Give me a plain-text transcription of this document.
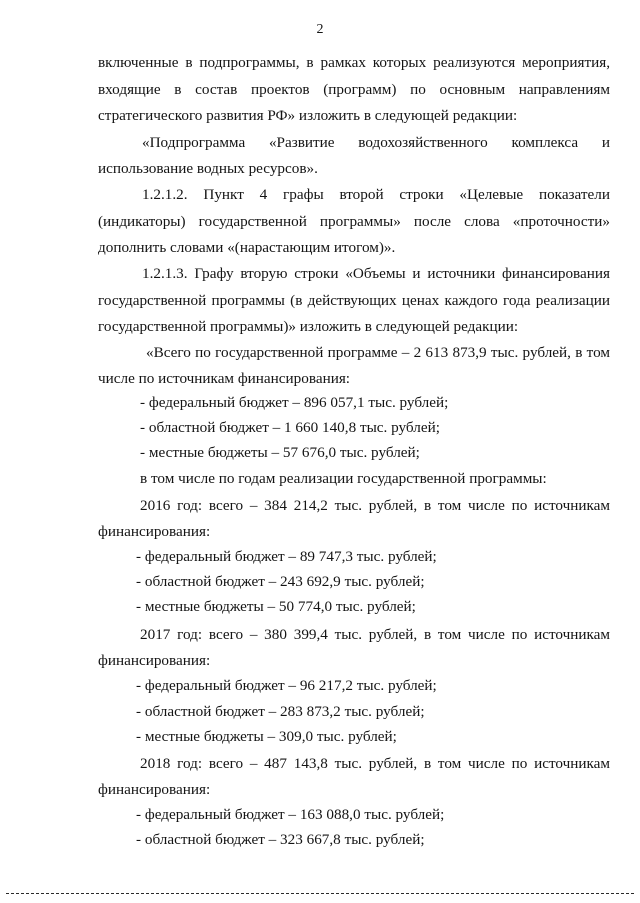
2
включенные в подпрограммы, в рамках которых реализуются мероприятия,
входящие в состав проектов (программ) по основным направлениям
стратегического развития РФ» изложить в следующей редакции:
«Подпрограмма «Развитие водохозяйственного комплекса и
использование водных ресурсов».
1.2.1.2. Пункт 4 графы второй строки «Целевые показатели
(индикаторы) государственной программы» после слова «проточности»
дополнить словами «(нарастающим итогом)».
1.2.1.3. Графу вторую строки «Объемы и источники финансирования
государственной программы (в действующих ценах каждого года реализации
государственной программы)» изложить в следующей редакции:
«Всего по государственной программе – 2 613 873,9 тыс. рублей, в том
числе по источникам финансирования:
- федеральный бюджет – 896 057,1 тыс. рублей;
- областной бюджет – 1 660 140,8 тыс. рублей;
- местные бюджеты – 57 676,0 тыс. рублей;
в том числе по годам реализации государственной программы:
2016 год: всего – 384 214,2 тыс. рублей, в том числе по источникам
финансирования:
- федеральный бюджет – 89 747,3 тыс. рублей;
- областной бюджет – 243 692,9 тыс. рублей;
- местные бюджеты – 50 774,0 тыс. рублей;
2017 год: всего – 380 399,4 тыс. рублей, в том числе по источникам
финансирования:
- федеральный бюджет – 96 217,2 тыс. рублей;
- областной бюджет – 283 873,2 тыс. рублей;
- местные бюджеты – 309,0 тыс. рублей;
2018 год: всего – 487 143,8 тыс. рублей, в том числе по источникам
финансирования:
- федеральный бюджет – 163 088,0 тыс. рублей;
- областной бюджет – 323 667,8 тыс. рублей;
